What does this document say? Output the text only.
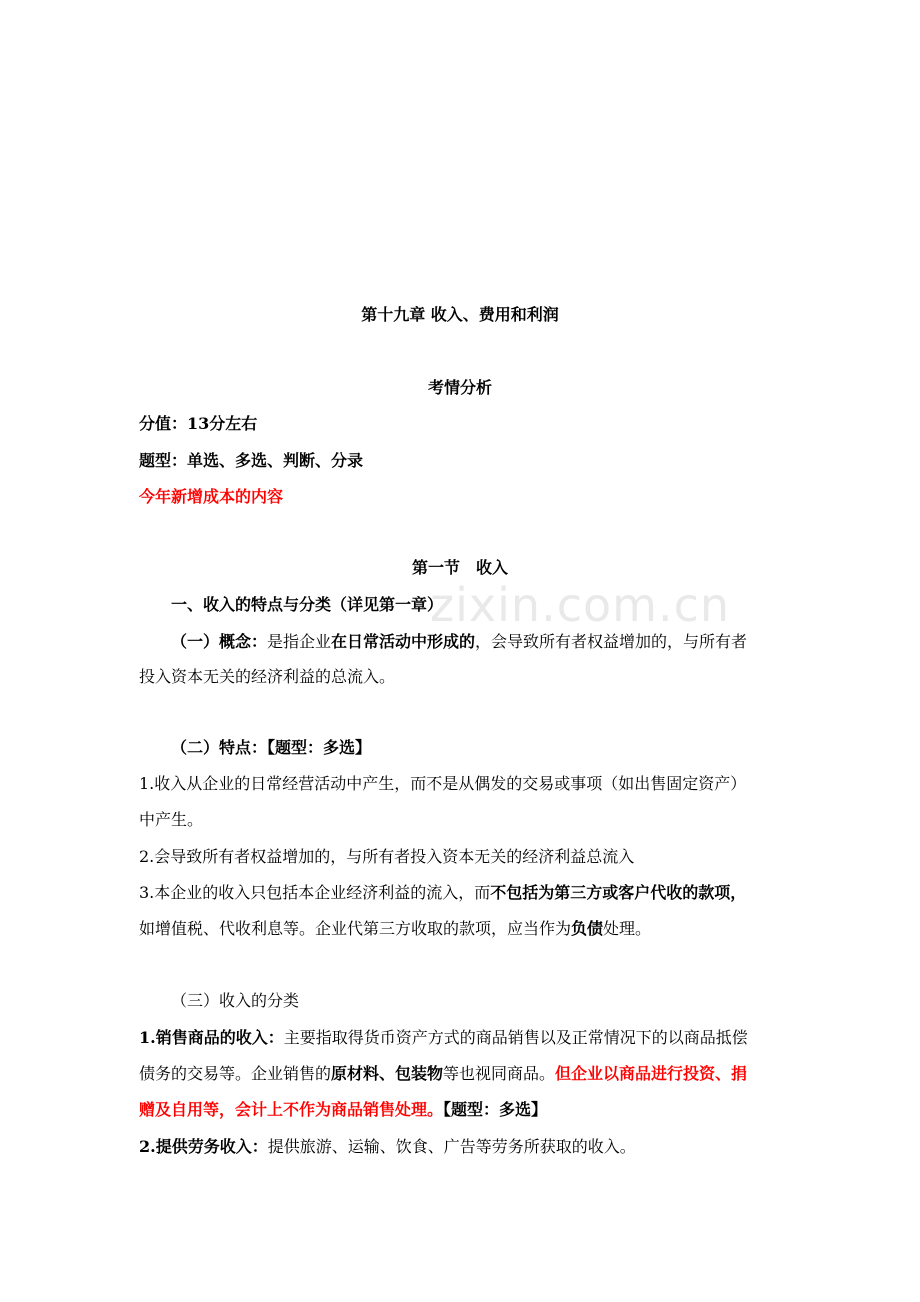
zixin.com.cn
第十九章 收入、费用和利润
考情分析
分值：13分左右
题型：单选、多选、判断、分录
今年新增成本的内容
第一节　收入
一、收入的特点与分类（详见第一章）
（一）概念：是指企业在日常活动中形成的，会导致所有者权益增加的，与所有者
投入资本无关的经济利益的总流入。
（二）特点：【题型：多选】
1.收入从企业的日常经营活动中产生，而不是从偶发的交易或事项（如出售固定资产）
中产生。
2.会导致所有者权益增加的，与所有者投入资本无关的经济利益总流入
3.本企业的收入只包括本企业经济利益的流入，而不包括为第三方或客户代收的款项，
如增值税、代收利息等。企业代第三方收取的款项，应当作为负债处理。
（三）收入的分类
1.销售商品的收入：主要指取得货币资产方式的商品销售以及正常情况下的以商品抵偿
债务的交易等。企业销售的原材料、包装物等也视同商品。但企业以商品进行投资、捐
赠及自用等，会计上不作为商品销售处理。【题型：多选】
2.提供劳务收入：提供旅游、运输、饮食、广告等劳务所获取的收入。
